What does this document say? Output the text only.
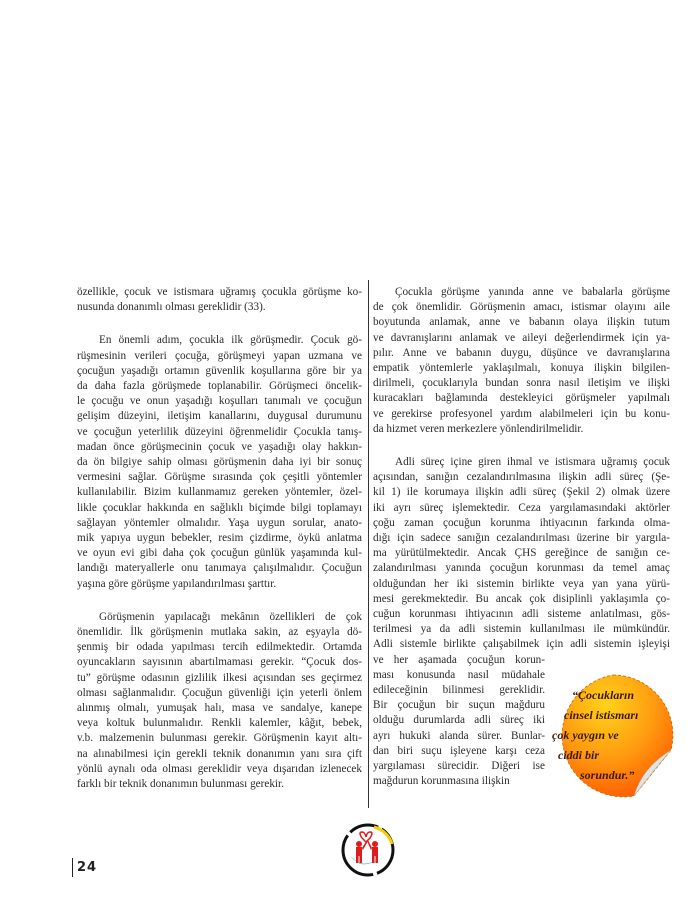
özellikle, çocuk ve istismara uğramış çocukla görüşme ko-
nusunda donanımlı olması gereklidir (33).
En önemli adım, çocukla ilk görüşmedir. Çocuk gö-
rüşmesinin verileri çocuğa, görüşmeyi yapan uzmana ve
çocuğun yaşadığı ortamın güvenlik koşullarına göre bir ya
da daha fazla görüşmede toplanabilir. Görüşmeci öncelik-
le çocuğu ve onun yaşadığı koşulları tanımalı ve çocuğun
gelişim düzeyini, iletişim kanallarını, duygusal durumunu
ve çocuğun yeterlilik düzeyini öğrenmelidir Çocukla tanış-
madan önce görüşmecinin çocuk ve yaşadığı olay hakkın-
da ön bilgiye sahip olması görüşmenin daha iyi bir sonuç
vermesini sağlar. Görüşme sırasında çok çeşitli yöntemler
kullanılabilir. Bizim kullanmamız gereken yöntemler, özel-
likle çocuklar hakkında en sağlıklı biçimde bilgi toplamayı
sağlayan yöntemler olmalıdır. Yaşa uygun sorular, anato-
mik yapıya uygun bebekler, resim çizdirme, öykü anlatma
ve oyun evi gibi daha çok çocuğun günlük yaşamında kul-
landığı materyallerle onu tanımaya çalışılmalıdır. Çocuğun
yaşına göre görüşme yapılandırılması şarttır.
Görüşmenin yapılacağı mekânın özellikleri de çok
önemlidir. İlk görüşmenin mutlaka sakin, az eşyayla dö-
şenmiş bir odada yapılması tercih edilmektedir. Ortamda
oyuncakların sayısının abartılmaması gerekir. “Çocuk dos-
tu” görüşme odasının gizlilik ilkesi açısından ses geçirmez
olması sağlanmalıdır. Çocuğun güvenliği için yeterli önlem
alınmış olmalı, yumuşak halı, masa ve sandalye, kanepe
veya koltuk bulunmalıdır. Renkli kalemler, kâğıt, bebek,
v.b. malzemenin bulunması gerekir. Görüşmenin kayıt altı-
na alınabilmesi için gerekli teknik donanımın yanı sıra çift
yönlü aynalı oda olması gereklidir veya dışarıdan izlenecek
farklı bir teknik donanımın bulunması gerekir.
Çocukla görüşme yanında anne ve babalarla görüşme
de çok önemlidir. Görüşmenin amacı, istismar olayını aile
boyutunda anlamak, anne ve babanın olaya ilişkin tutum
ve davranışlarını anlamak ve aileyi değerlendirmek için ya-
pılır. Anne ve babanın duygu, düşünce ve davranışlarına
empatik yöntemlerle yaklaşılmalı, konuya ilişkin bilgilen-
dirilmeli, çocuklarıyla bundan sonra nasıl iletişim ve ilişki
kuracakları bağlamında destekleyici görüşmeler yapılmalı
ve gerekirse profesyonel yardım alabilmeleri için bu konu-
da hizmet veren merkezlere yönlendirilmelidir.
Adli süreç içine giren ihmal ve istismara uğramış çocuk
açısından, sanığın cezalandırılmasına ilişkin adli süreç (Şe-
kil 1) ile korumaya ilişkin adli süreç (Şekil 2) olmak üzere
iki ayrı süreç işlemektedir. Ceza yargılamasındaki aktörler
çoğu zaman çocuğun korunma ihtiyacının farkında olma-
dığı için sadece sanığın cezalandırılması üzerine bir yargıla-
ma yürütülmektedir. Ancak ÇHS gereğince de sanığın ce-
zalandırılması yanında çocuğun korunması da temel amaç
olduğundan her iki sistemin birlikte veya yan yana yürü-
mesi gerekmektedir. Bu ancak çok disiplinli yaklaşımla ço-
cuğun korunması ihtiyacının adli sisteme anlatılması, gös-
terilmesi ya da adli sistemin kullanılması ile mümkündür.
Adli sistemle birlikte çalışabilmek için adli sistemin işleyişi
ve her aşamada çocuğun korun-
ması konusunda nasıl müdahale
edileceğinin bilinmesi gereklidir.
Bir çocuğun bir suçun mağduru
olduğu durumlarda adli süreç iki
ayrı hukuki alanda sürer. Bunlar-
dan biri suçu işleyene karşı ceza
yargılaması sürecidir. Diğeri ise
mağdurun korunmasına ilişkin
“Çocukların
cinsel istismarı
çok yaygın ve
ciddi bir
sorundur.”
24
